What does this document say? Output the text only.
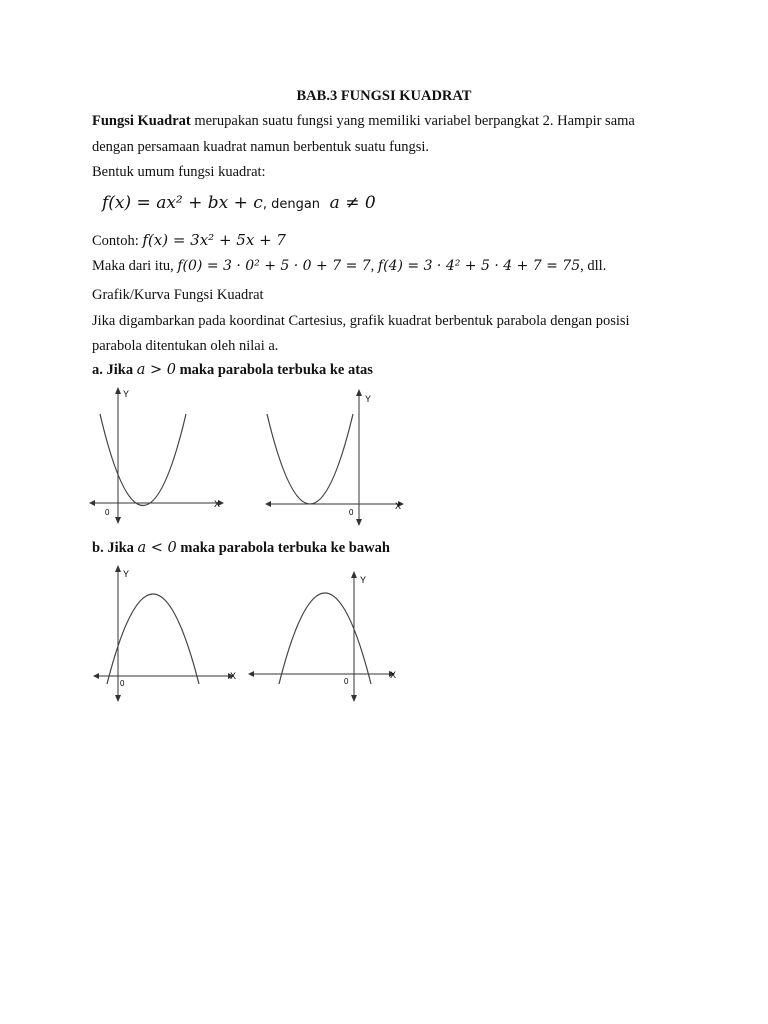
BAB.3 FUNGSI KUADRAT
Fungsi Kuadrat merupakan suatu fungsi yang memiliki variabel berpangkat 2. Hampir sama
dengan persamaan kuadrat namun berbentuk suatu fungsi.
Bentuk umum fungsi kuadrat:
f(x) = ax² + bx + c, dengan a ≠ 0
Contoh: f(x) = 3x² + 5x + 7
Maka dari itu, f(0) = 3 · 0² + 5 · 0 + 7 = 7, f(4) = 3 · 4² + 5 · 4 + 7 = 75, dll.
Grafik/Kurva Fungsi Kuadrat
Jika digambarkan pada koordinat Cartesius, grafik kuadrat berbentuk parabola dengan posisi
parabola ditentukan oleh nilai a.
a. Jika a > 0 maka parabola terbuka ke atas
Y
X
0
Y
X
0
b. Jika a < 0 maka parabola terbuka ke bawah
Y
X
0
Y
X
0
